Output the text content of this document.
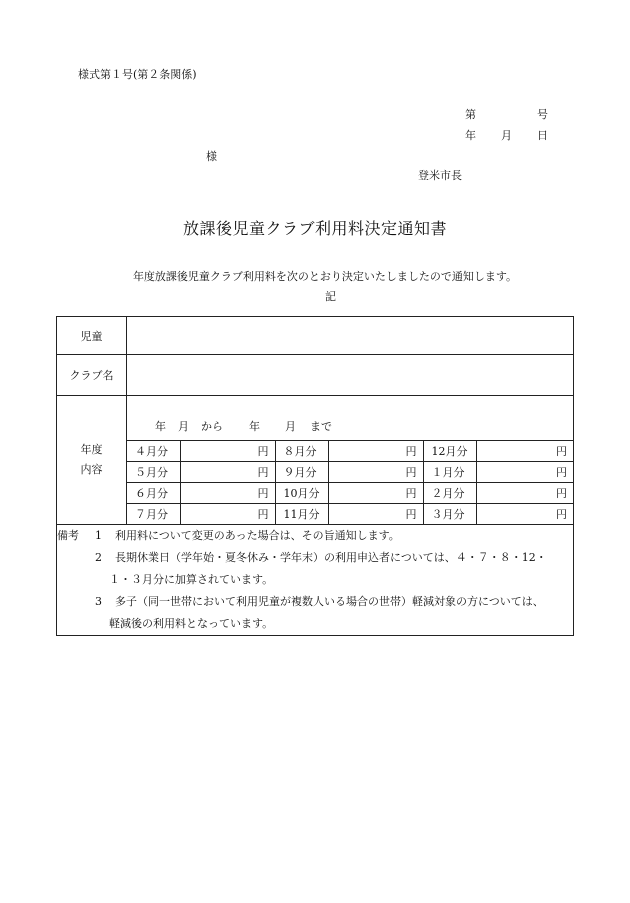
様式第１号(第２条関係)
第	号
年 月 日
様
登米市長
放課後児童クラブ利用料決定通知書
年度放課後児童クラブ利用料を次のとおり決定いたしましたので通知します。
記
児童	
クラブ名	

年度
内容

年 月 から 年 月 まで
４月分	円	８月分	円	12月分	円
５月分	円	９月分	円	１月分	円
６月分	円	10月分	円	２月分	円
７月分	円	11月分	円	３月分	円

備考 1 利用料について変更のあった場合は、その旨通知します。
2 長期休業日（学年始・夏冬休み・学年末）の利用申込者については、４・７・８・12・
１・３月分に加算されています。
3 多子（同一世帯において利用児童が複数人いる場合の世帯）軽減対象の方については、
軽減後の利用料となっています。
